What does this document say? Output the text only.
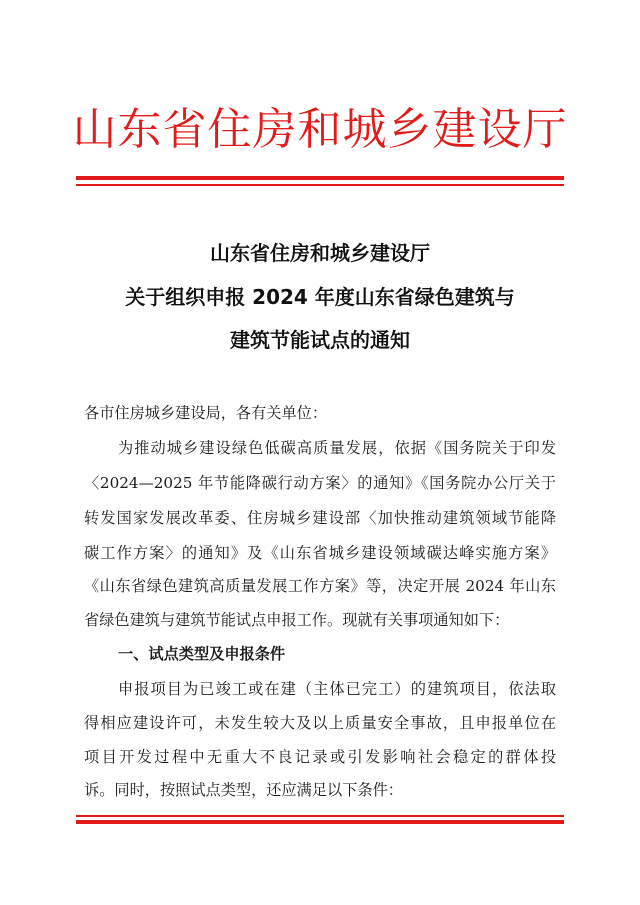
山东省住房和城乡建设厅
山东省住房和城乡建设厅
关于组织申报 2024 年度山东省绿色建筑与
建筑节能试点的通知
各市住房城乡建设局，各有关单位：
为推动城乡建设绿色低碳高质量发展，依据《国务院关于印发
〈2024—2025 年节能降碳行动方案〉的通知》《国务院办公厅关于
转发国家发展改革委、住房城乡建设部〈加快推动建筑领域节能降
碳工作方案〉的通知》及《山东省城乡建设领域碳达峰实施方案》
《山东省绿色建筑高质量发展工作方案》等，决定开展 2024 年山东
省绿色建筑与建筑节能试点申报工作。现就有关事项通知如下：
一、试点类型及申报条件
申报项目为已竣工或在建（主体已完工）的建筑项目，依法取
得相应建设许可，未发生较大及以上质量安全事故，且申报单位在
项目开发过程中无重大不良记录或引发影响社会稳定的群体投
诉。同时，按照试点类型，还应满足以下条件：
